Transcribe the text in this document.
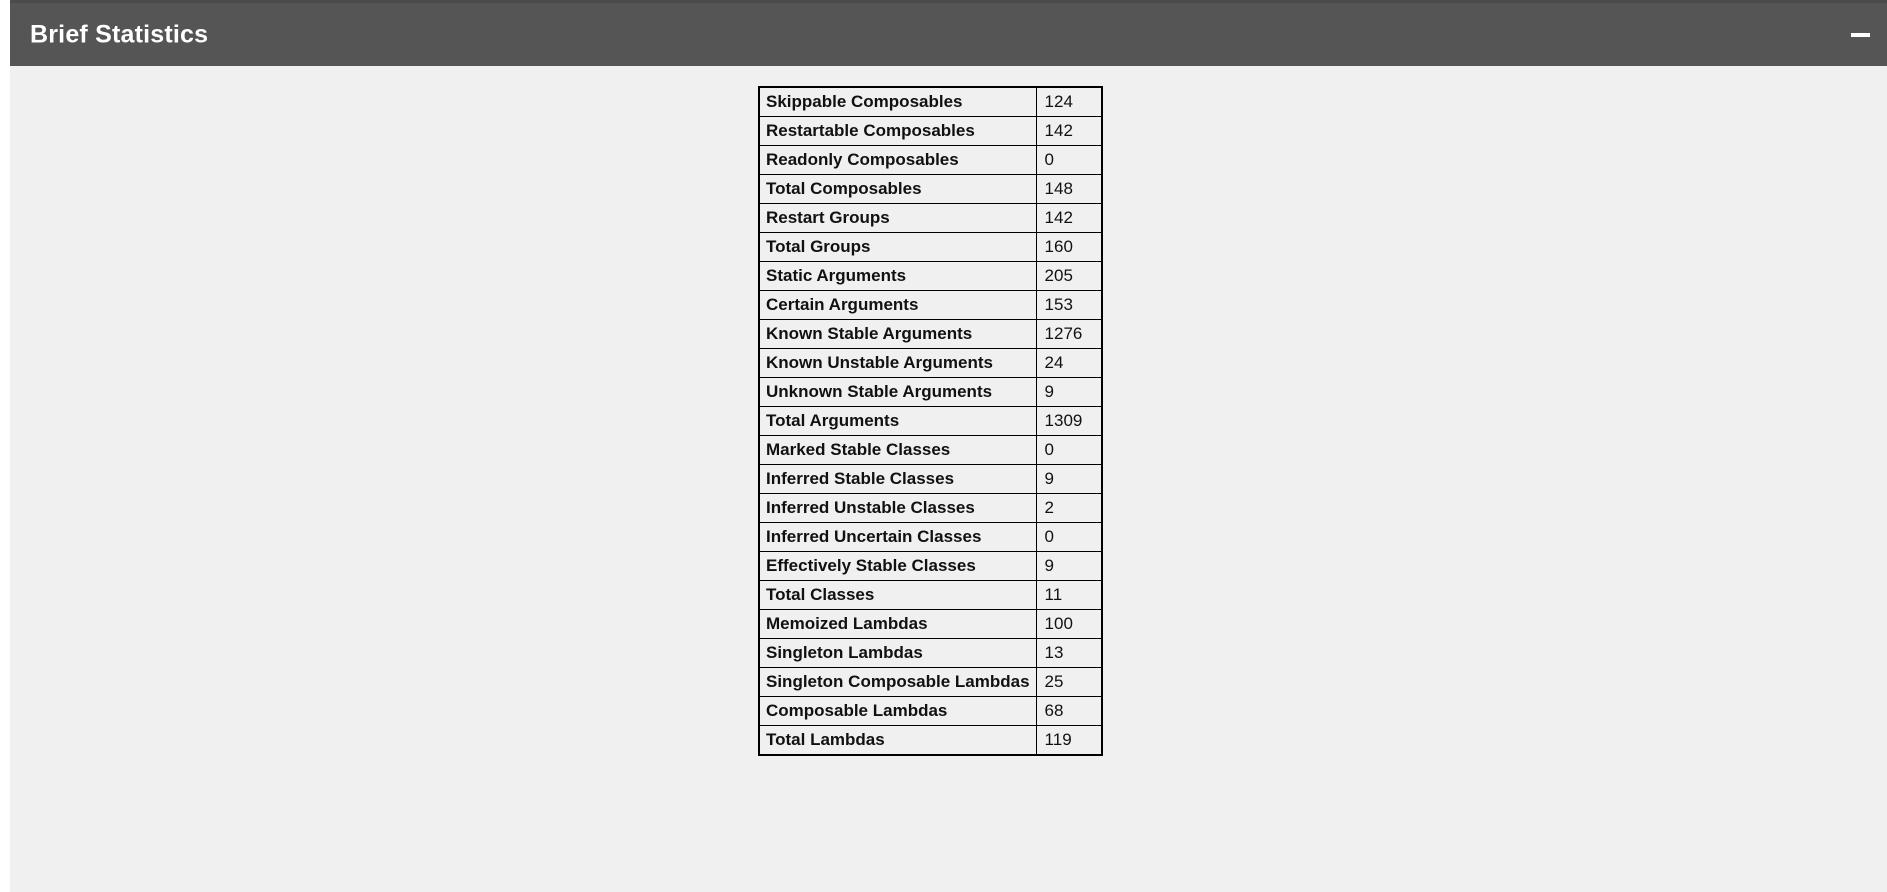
Brief Statistics
Skippable Composables	124
Restartable Composables	142
Readonly Composables	0
Total Composables	148
Restart Groups	142
Total Groups	160
Static Arguments	205
Certain Arguments	153
Known Stable Arguments	1276
Known Unstable Arguments	24
Unknown Stable Arguments	9
Total Arguments	1309
Marked Stable Classes	0
Inferred Stable Classes	9
Inferred Unstable Classes	2
Inferred Uncertain Classes	0
Effectively Stable Classes	9
Total Classes	11
Memoized Lambdas	100
Singleton Lambdas	13
Singleton Composable Lambdas	25
Composable Lambdas	68
Total Lambdas	119
